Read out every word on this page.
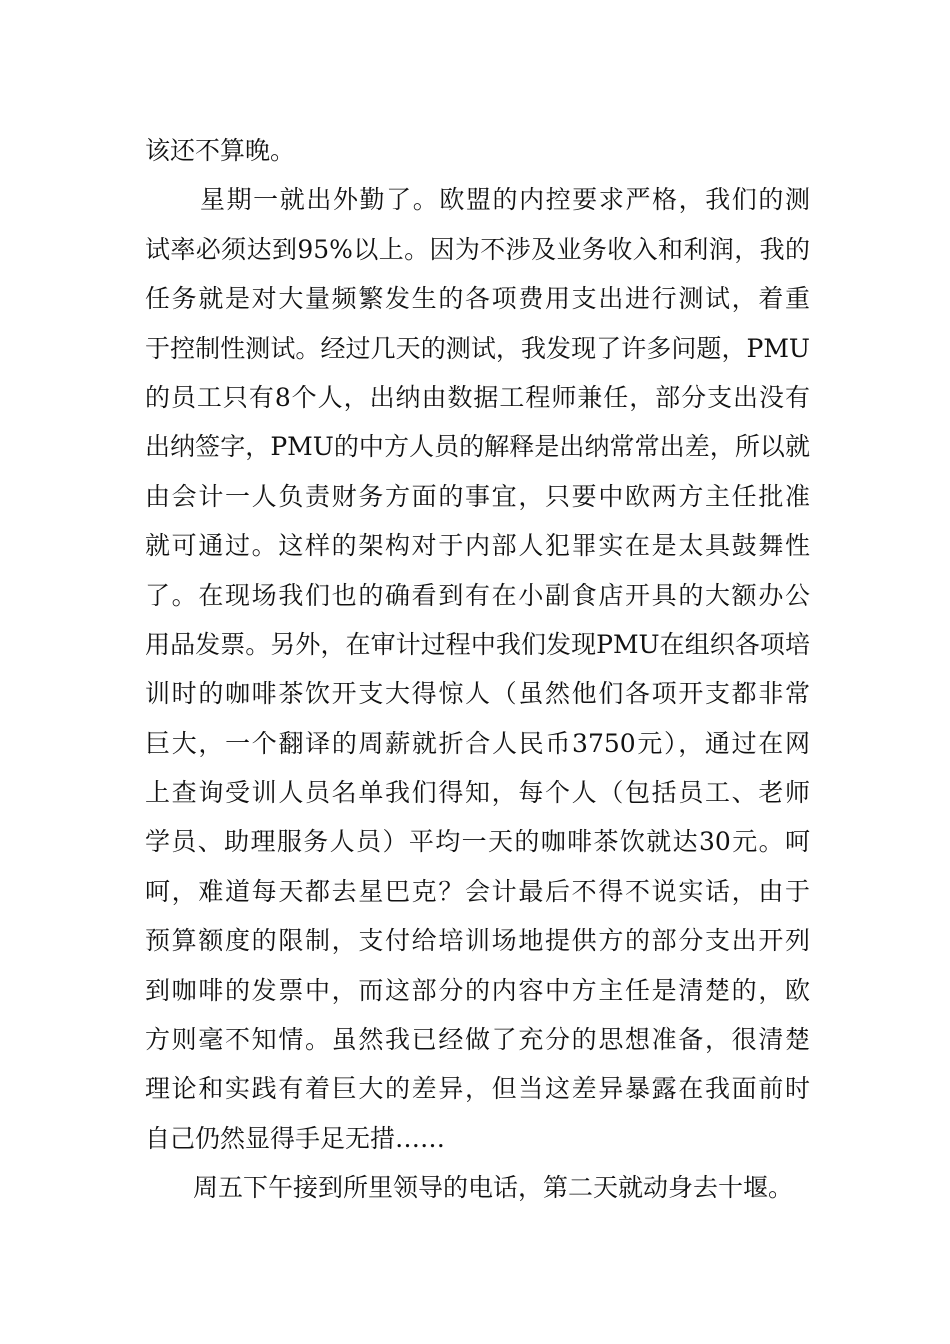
该还不算晚。
星期一就出外勤了。欧盟的内控要求严格，我们的测
试率必须达到95%以上。因为不涉及业务收入和利润，我的
任务就是对大量频繁发生的各项费用支出进行测试，着重
于控制性测试。经过几天的测试，我发现了许多问题，PMU
的员工只有8个人，出纳由数据工程师兼任，部分支出没有
出纳签字，PMU的中方人员的解释是出纳常常出差，所以就
由会计一人负责财务方面的事宜，只要中欧两方主任批准
就可通过。这样的架构对于内部人犯罪实在是太具鼓舞性
了。在现场我们也的确看到有在小副食店开具的大额办公
用品发票。另外，在审计过程中我们发现PMU在组织各项培
训时的咖啡茶饮开支大得惊人（虽然他们各项开支都非常
巨大，一个翻译的周薪就折合人民币3750元），通过在网
上查询受训人员名单我们得知，每个人（包括员工、老师
学员、助理服务人员）平均一天的咖啡茶饮就达30元。呵
呵，难道每天都去星巴克？会计最后不得不说实话，由于
预算额度的限制，支付给培训场地提供方的部分支出开列
到咖啡的发票中，而这部分的内容中方主任是清楚的，欧
方则毫不知情。虽然我已经做了充分的思想准备，很清楚
理论和实践有着巨大的差异，但当这差异暴露在我面前时
自己仍然显得手足无措……
周五下午接到所里领导的电话，第二天就动身去十堰。
